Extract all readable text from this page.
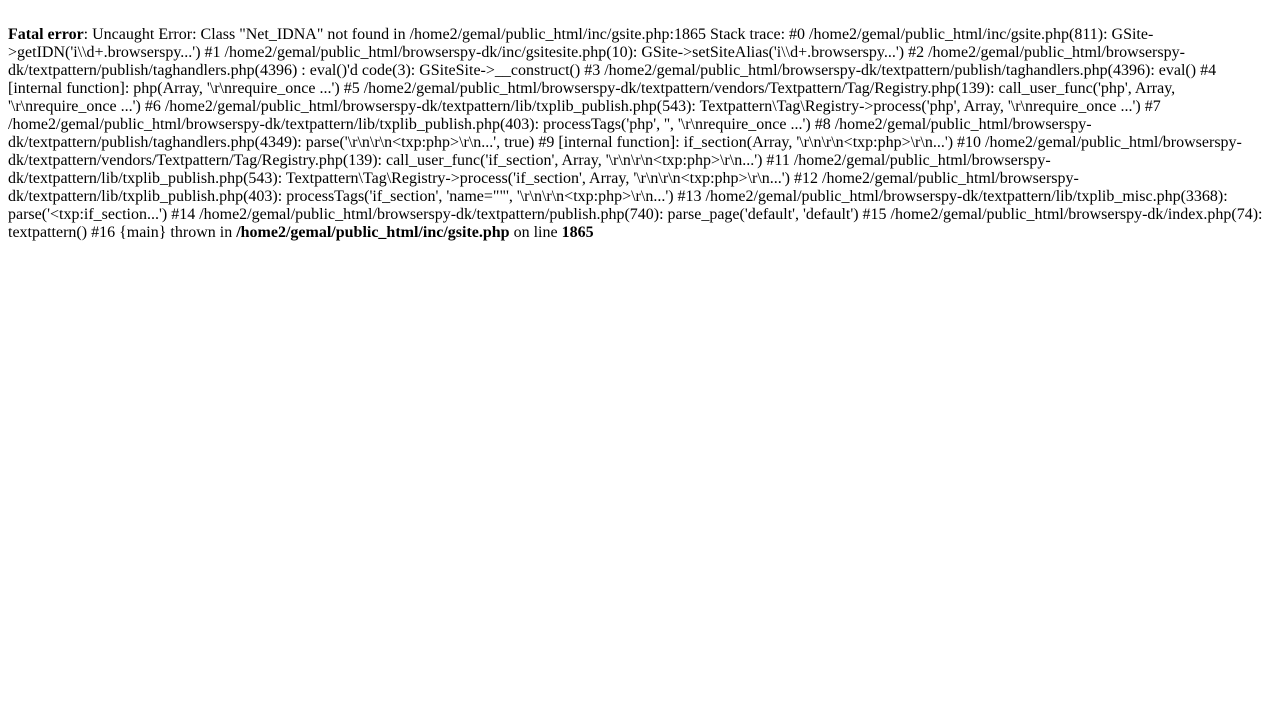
Fatal error: Uncaught Error: Class "Net_IDNA" not found in /home2/gemal/public_html/inc/gsite.php:1865 Stack trace: #0 /home2/gemal/public_html/inc/gsite.php(811): GSite->getIDN('i\\d+.browserspy...') #1 /home2/gemal/public_html/browserspy-dk/inc/gsitesite.php(10): GSite->setSiteAlias('i\\d+.browserspy...') #2 /home2/gemal/public_html/browserspy-dk/textpattern/publish/taghandlers.php(4396) : eval()'d code(3): GSiteSite->__construct() #3 /home2/gemal/public_html/browserspy-dk/textpattern/publish/taghandlers.php(4396): eval() #4 [internal function]: php(Array, '\r\nrequire_once ...') #5 /home2/gemal/public_html/browserspy-dk/textpattern/vendors/Textpattern/Tag/Registry.php(139): call_user_func('php', Array, '\r\nrequire_once ...') #6 /home2/gemal/public_html/browserspy-dk/textpattern/lib/txplib_publish.php(543): Textpattern\Tag\Registry->process('php', Array, '\r\nrequire_once ...') #7 /home2/gemal/public_html/browserspy-dk/textpattern/lib/txplib_publish.php(403): processTags('php', '', '\r\nrequire_once ...') #8 /home2/gemal/public_html/browserspy-dk/textpattern/publish/taghandlers.php(4349): parse('\r\n\r\n<txp:php>\r\n...', true) #9 [internal function]: if_section(Array, '\r\n\r\n<txp:php>\r\n...') #10 /home2/gemal/public_html/browserspy-dk/textpattern/vendors/Textpattern/Tag/Registry.php(139): call_user_func('if_section', Array, '\r\n\r\n<txp:php>\r\n...') #11 /home2/gemal/public_html/browserspy-dk/textpattern/lib/txplib_publish.php(543): Textpattern\Tag\Registry->process('if_section', Array, '\r\n\r\n<txp:php>\r\n...') #12 /home2/gemal/public_html/browserspy-dk/textpattern/lib/txplib_publish.php(403): processTags('if_section', 'name=""', '\r\n\r\n<txp:php>\r\n...') #13 /home2/gemal/public_html/browserspy-dk/textpattern/lib/txplib_misc.php(3368): parse('<txp:if_section...') #14 /home2/gemal/public_html/browserspy-dk/textpattern/publish.php(740): parse_page('default', 'default') #15 /home2/gemal/public_html/browserspy-dk/index.php(74): textpattern() #16 {main} thrown in /home2/gemal/public_html/inc/gsite.php on line 1865
